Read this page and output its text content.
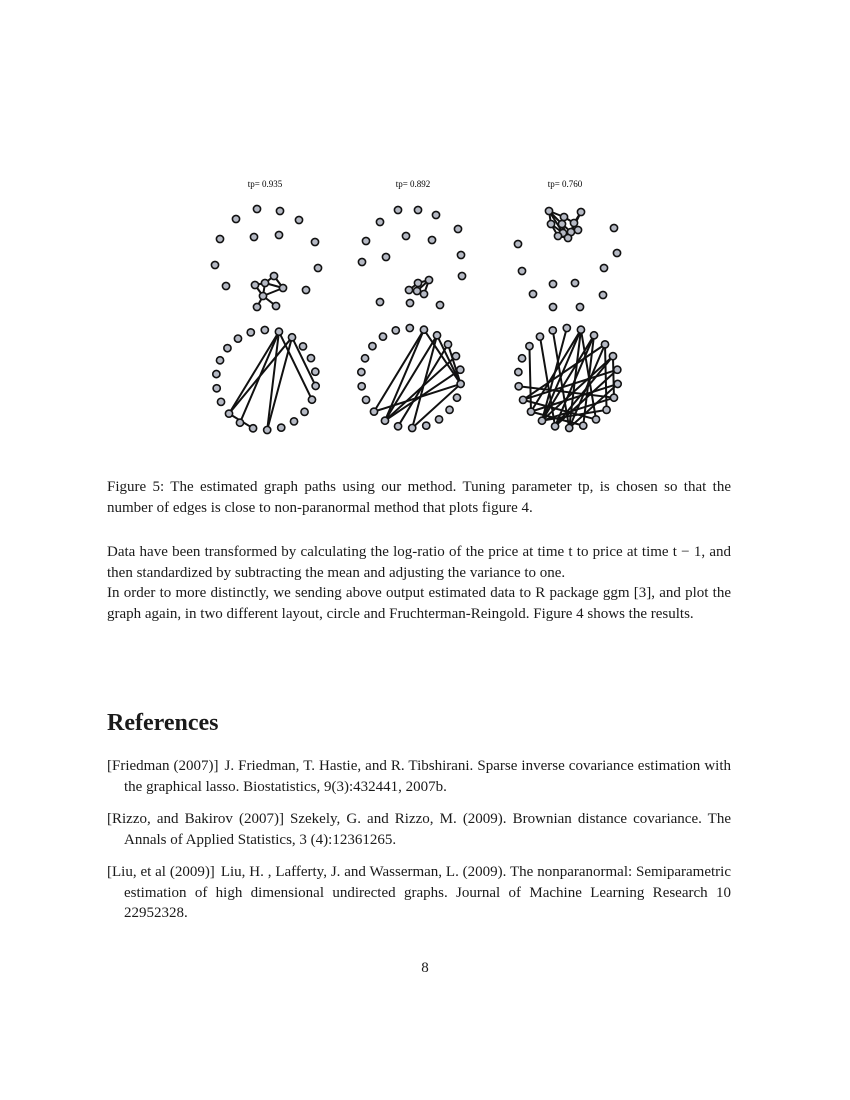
tp= 0.935	tp= 0.892	tp= 0.760
Figure 5: The estimated graph paths using our method. Tuning parameter tp, is chosen so that the number of edges is close to non-paranormal method that plots figure 4.

Data have been transformed by calculating the log-ratio of the price at time t to price at time t − 1, and then standardized by subtracting the mean and adjusting the variance to one.

In order to more distinctly, we sending above output estimated data to R package ggm [3], and plot the graph again, in two different layout, circle and Fruchterman-Reingold. Figure 4 shows the results.

References
[Friedman (2007)] J. Friedman, T. Hastie, and R. Tibshirani. Sparse inverse covariance estimation with the graphical lasso. Biostatistics, 9(3):432441, 2007b.
[Rizzo, and Bakirov (2007)] Szekely, G. and Rizzo, M. (2009). Brownian distance covariance. The Annals of Applied Statistics, 3 (4):12361265.
[Liu, et al (2009)] Liu, H. , Lafferty, J. and Wasserman, L. (2009). The nonparanormal: Semiparametric estimation of high dimensional undirected graphs. Journal of Machine Learning Research 10 22952328.
8
